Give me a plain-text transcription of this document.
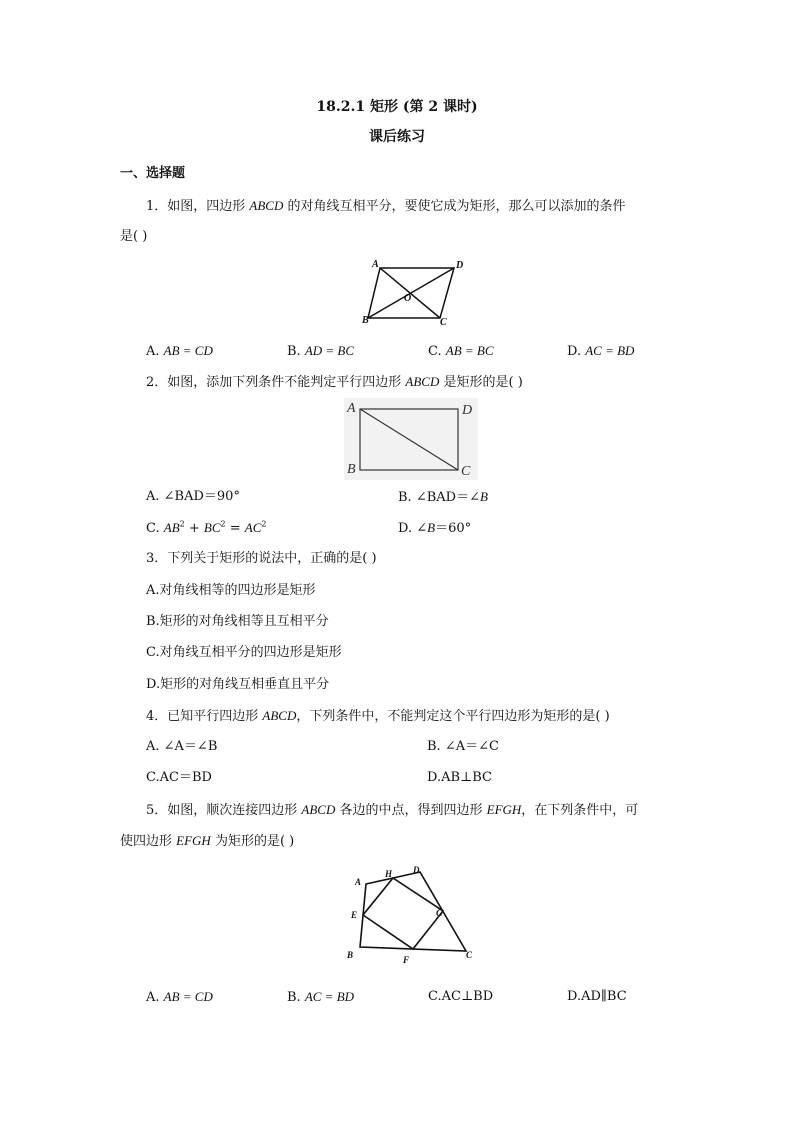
18.2.1 矩形 (第 2 课时)
课后练习
一、选择题
1．如图，四边形 ABCD 的对角线互相平分，要使它成为矩形，那么可以添加的条件
是( )
A	D
B	C
O
A. AB = CD	B. AD = BC	C. AB = BC	D. AC = BD
2．如图，添加下列条件不能判定平行四边形 ABCD 是矩形的是( )
A	D
B	C
A. ∠BAD＝90°	B. ∠BAD＝∠B
C. $AB^2 + BC^2 = AC^2$	D. ∠B＝60°
3．下列关于矩形的说法中，正确的是( )
A.对角线相等的四边形是矩形
B.矩形的对角线相等且互相平分
C.对角线互相平分的四边形是矩形
D.矩形的对角线互相垂直且平分
4．已知平行四边形 ABCD，下列条件中，不能判定这个平行四边形为矩形的是( )
A. ∠A＝∠B	B. ∠A＝∠C
C.AC＝BD	D.AB⊥BC
5．如图，顺次连接四边形 ABCD 各边的中点，得到四边形 EFGH，在下列条件中，可
使四边形 EFGH 为矩形的是( )
A
H D
E	G
B	F	C
A. AB = CD	B. AC = BD	C.AC⊥BD	D.AD∥BC
